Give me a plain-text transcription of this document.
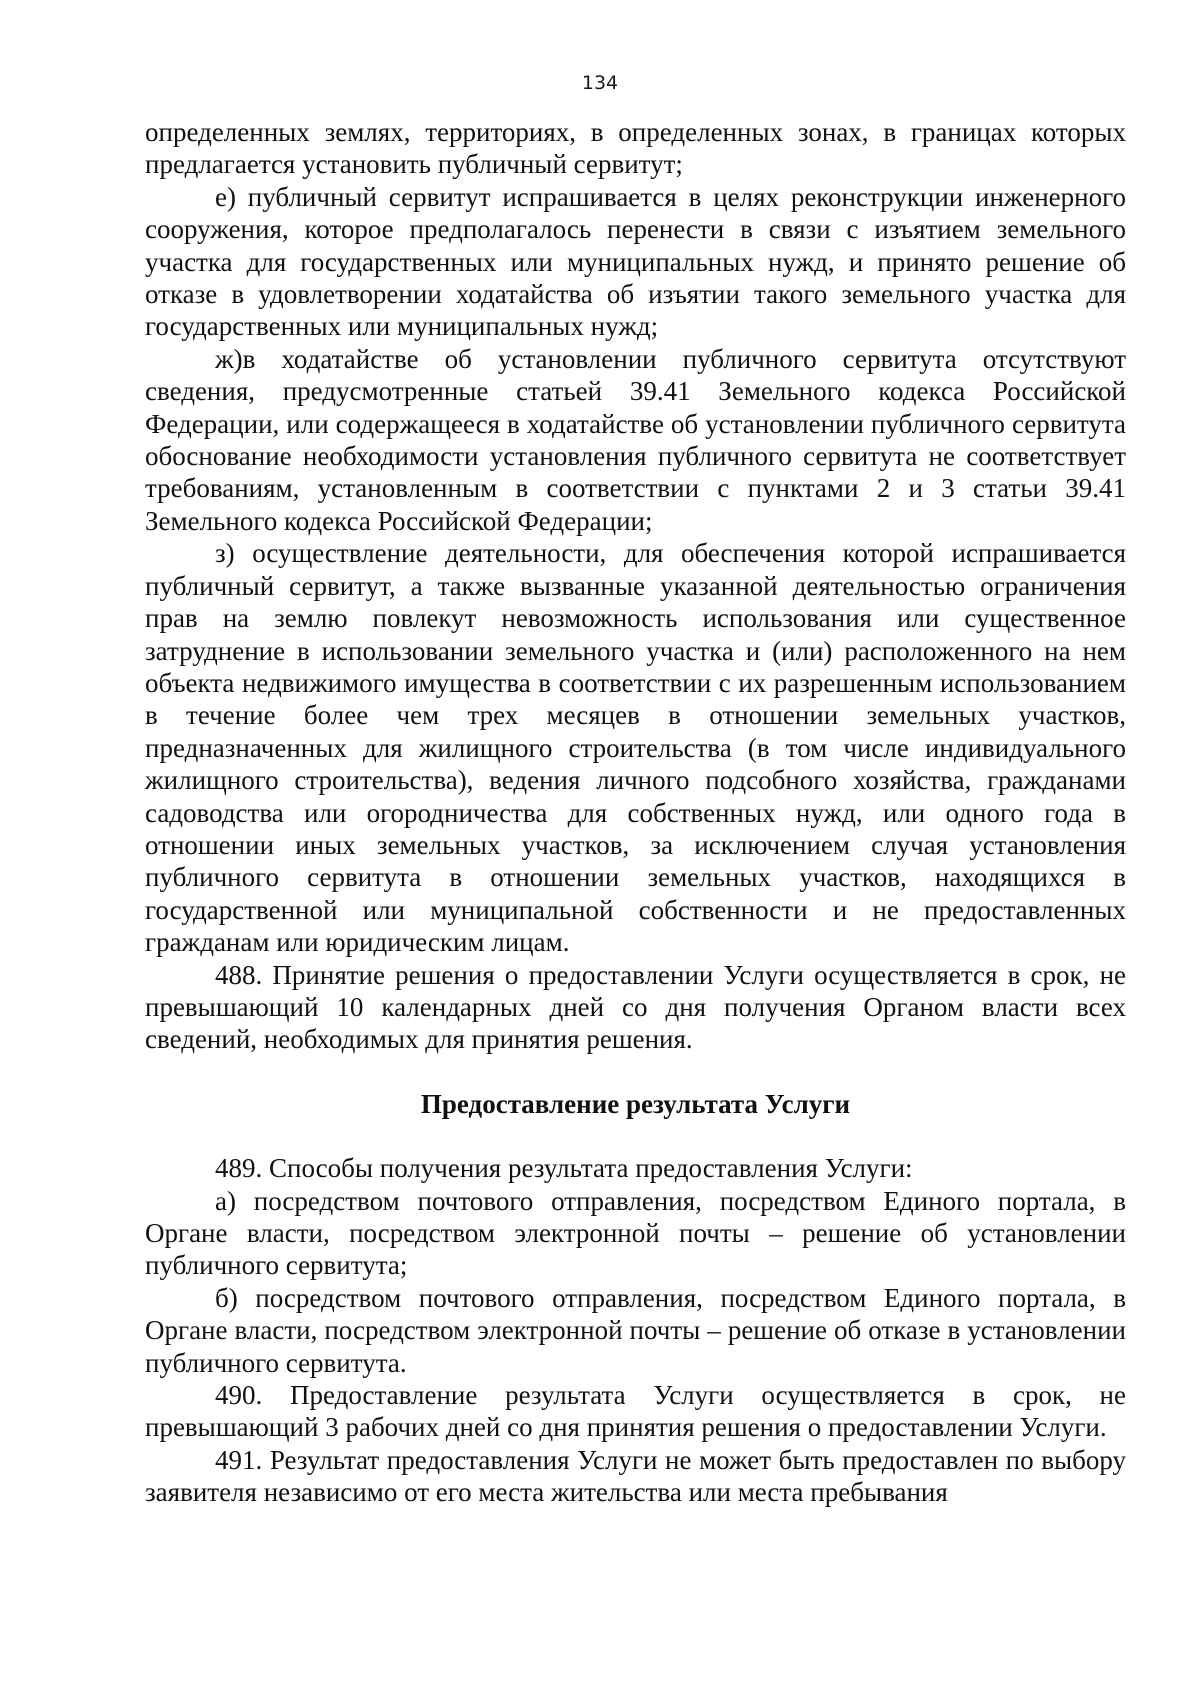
134

определенных землях, территориях, в определенных зонах, в границах которых предлагается установить публичный сервитут;

е) публичный сервитут испрашивается в целях реконструкции инженерного сооружения, которое предполагалось перенести в связи с изъятием земельного участка для государственных или муниципальных нужд, и принято решение об отказе в удовлетворении ходатайства об изъятии такого земельного участка для государственных или муниципальных нужд;

ж)в ходатайстве об установлении публичного сервитута отсутствуют сведения, предусмотренные статьей 39.41 Земельного кодекса Российской Федерации, или содержащееся в ходатайстве об установлении публичного сервитута обоснование необходимости установления публичного сервитута не соответствует требованиям, установленным в соответствии с пунктами 2 и 3 статьи 39.41 Земельного кодекса Российской Федерации;

з) осуществление деятельности, для обеспечения которой испрашивается публичный сервитут, а также вызванные указанной деятельностью ограничения прав на землю повлекут невозможность использования или существенное затруднение в использовании земельного участка и (или) расположенного на нем объекта недвижимого имущества в соответствии с их разрешенным использованием в течение более чем трех месяцев в отношении земельных участков, предназначенных для жилищного строительства (в том числе индивидуального жилищного строительства), ведения личного подсобного хозяйства, гражданами садоводства или огородничества для собственных нужд, или одного года в отношении иных земельных участков, за исключением случая установления публичного сервитута в отношении земельных участков, находящихся в государственной или муниципальной собственности и не предоставленных гражданам или юридическим лицам.

488. Принятие решения о предоставлении Услуги осуществляется в срок, не превышающий 10 календарных дней со дня получения Органом власти всех сведений, необходимых для принятия решения.

Предоставление результата Услуги

489. Способы получения результата предоставления Услуги:

а) посредством почтового отправления, посредством Единого портала, в Органе власти, посредством электронной почты – решение об установлении публичного сервитута;

б) посредством почтового отправления, посредством Единого портала, в Органе власти, посредством электронной почты – решение об отказе в установлении публичного сервитута.

490. Предоставление результата Услуги осуществляется в срок, не превышающий 3 рабочих дней со дня принятия решения о предоставлении Услуги.

491. Результат предоставления Услуги не может быть предоставлен по выбору заявителя независимо от его места жительства или места пребывания
